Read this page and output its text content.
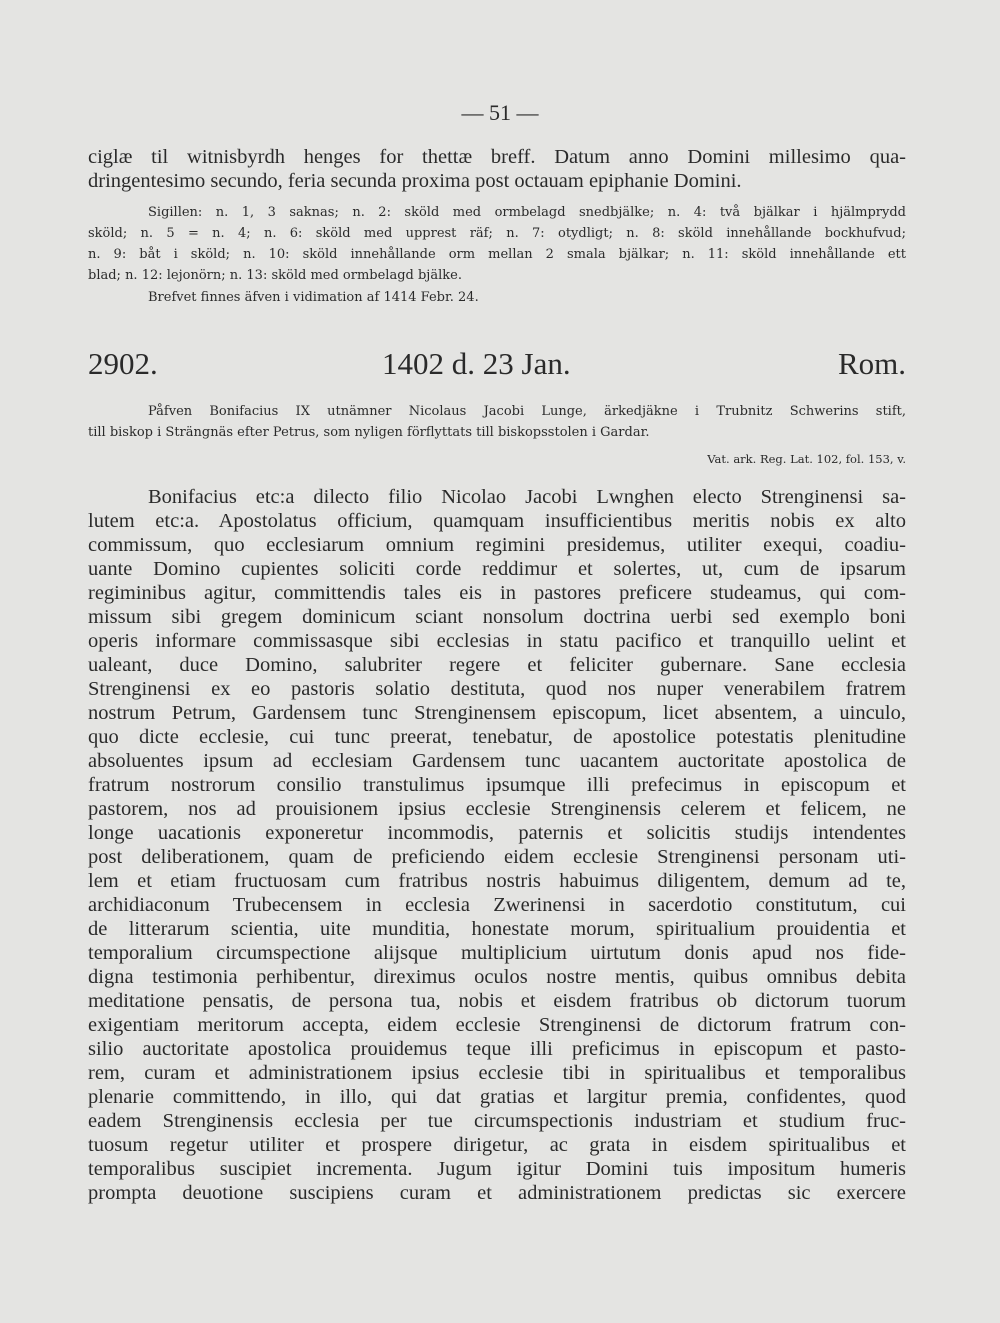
— 51 —
ciglæ til witnisbyrdh henges for thettæ breff. Datum anno Domini millesimo qua-
dringentesimo secundo, feria secunda proxima post octauam epiphanie Domini.
Sigillen: n. 1, 3 saknas; n. 2: sköld med ormbelagd snedbjälke; n. 4: två bjälkar i hjälmprydd
sköld; n. 5 = n. 4; n. 6: sköld med upprest räf; n. 7: otydligt; n. 8: sköld innehållande bockhufvud;
n. 9: båt i sköld; n. 10: sköld innehållande orm mellan 2 smala bjälkar; n. 11: sköld innehållande ett
blad; n. 12: lejonörn; n. 13: sköld med ormbelagd bjälke.
Brefvet finnes äfven i vidimation af 1414 Febr. 24.
2902.	1402 d. 23 Jan.	Rom.
Påfven Bonifacius IX utnämner Nicolaus Jacobi Lunge, ärkedjäkne i Trubnitz Schwerins stift,
till biskop i Strängnäs efter Petrus, som nyligen förflyttats till biskopsstolen i Gardar.
Vat. ark. Reg. Lat. 102, fol. 153, v.
Bonifacius etc:a dilecto filio Nicolao Jacobi Lwnghen electo Strenginensi sa-
lutem etc:a. Apostolatus officium, quamquam insufficientibus meritis nobis ex alto
commissum, quo ecclesiarum omnium regimini presidemus, utiliter exequi, coadiu-
uante Domino cupientes soliciti corde reddimur et solertes, ut, cum de ipsarum
regiminibus agitur, committendis tales eis in pastores preficere studeamus, qui com-
missum sibi gregem dominicum sciant nonsolum doctrina uerbi sed exemplo boni
operis informare commissasque sibi ecclesias in statu pacifico et tranquillo uelint et
ualeant, duce Domino, salubriter regere et feliciter gubernare. Sane ecclesia
Strenginensi ex eo pastoris solatio destituta, quod nos nuper venerabilem fratrem
nostrum Petrum, Gardensem tunc Strenginensem episcopum, licet absentem, a uinculo,
quo dicte ecclesie, cui tunc preerat, tenebatur, de apostolice potestatis plenitudine
absoluentes ipsum ad ecclesiam Gardensem tunc uacantem auctoritate apostolica de
fratrum nostrorum consilio transtulimus ipsumque illi prefecimus in episcopum et
pastorem, nos ad prouisionem ipsius ecclesie Strenginensis celerem et felicem, ne
longe uacationis exponeretur incommodis, paternis et solicitis studijs intendentes
post deliberationem, quam de preficiendo eidem ecclesie Strenginensi personam uti-
lem et etiam fructuosam cum fratribus nostris habuimus diligentem, demum ad te,
archidiaconum Trubecensem in ecclesia Zwerinensi in sacerdotio constitutum, cui
de litterarum scientia, uite munditia, honestate morum, spiritualium prouidentia et
temporalium circumspectione alijsque multiplicium uirtutum donis apud nos fide-
digna testimonia perhibentur, direximus oculos nostre mentis, quibus omnibus debita
meditatione pensatis, de persona tua, nobis et eisdem fratribus ob dictorum tuorum
exigentiam meritorum accepta, eidem ecclesie Strenginensi de dictorum fratrum con-
silio auctoritate apostolica prouidemus teque illi preficimus in episcopum et pasto-
rem, curam et administrationem ipsius ecclesie tibi in spiritualibus et temporalibus
plenarie committendo, in illo, qui dat gratias et largitur premia, confidentes, quod
eadem Strenginensis ecclesia per tue circumspectionis industriam et studium fruc-
tuosum regetur utiliter et prospere dirigetur, ac grata in eisdem spiritualibus et
temporalibus suscipiet incrementa. Jugum igitur Domini tuis impositum humeris
prompta deuotione suscipiens curam et administrationem predictas sic exercere
